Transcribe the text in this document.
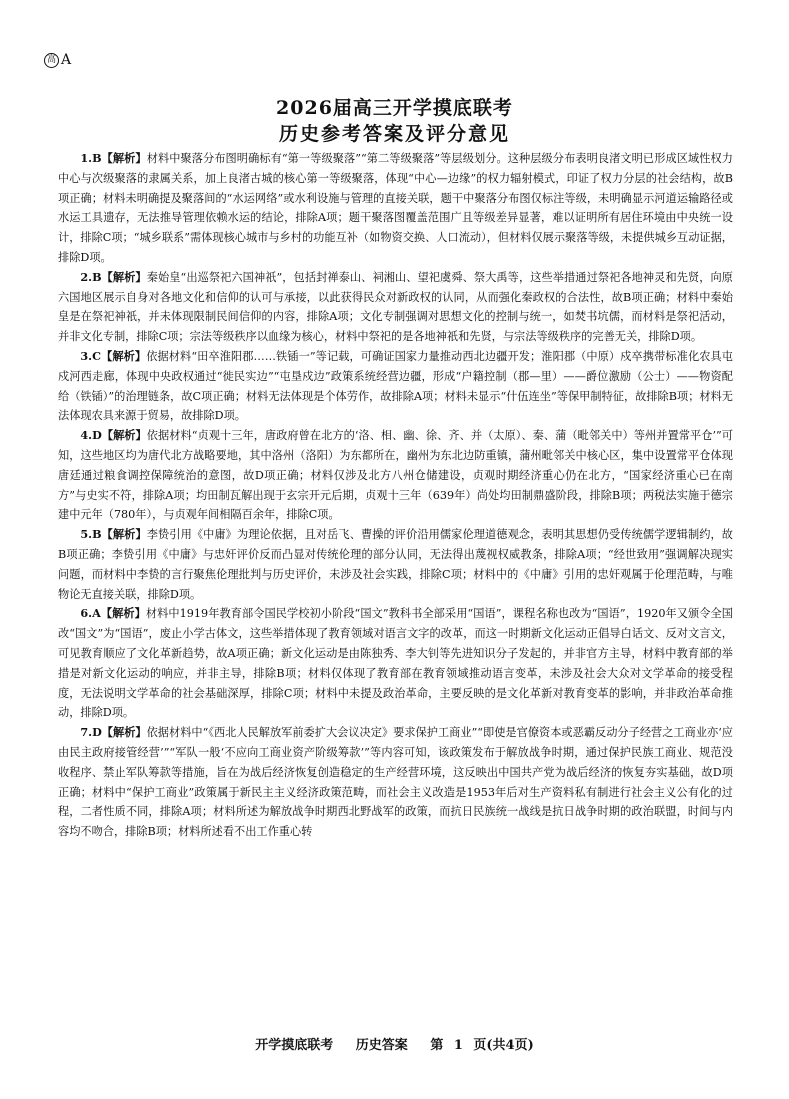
高 A
2026届高三开学摸底联考
历史参考答案及评分意见

1.B【解析】材料中聚落分布图明确标有“第一等级聚落”“第二等级聚落”等层级划分。这种层级分布表明良渚文明已形成区域性权力中心与次级聚落的隶属关系，加上良渚古城的核心第一等级聚落，体现“中心—边缘”的权力辐射模式，印证了权力分层的社会结构，故B项正确；材料未明确提及聚落间的“水运网络”或水利设施与管理的直接关联，题干中聚落分布图仅标注等级，未明确显示河道运输路径或水运工具遗存，无法推导管理依赖水运的结论，排除A项；题干聚落图覆盖范围广且等级差异显著，难以证明所有居住环境由中央统一设计，排除C项；“城乡联系”需体现核心城市与乡村的功能互补（如物资交换、人口流动），但材料仅展示聚落等级，未提供城乡互动证据，排除D项。

2.B【解析】秦始皇“出巡祭祀六国神祇”，包括封禅泰山、祠湘山、望祀虞舜、祭大禹等，这些举措通过祭祀各地神灵和先贤，向原六国地区展示自身对各地文化和信仰的认可与承接，以此获得民众对新政权的认同，从而强化秦政权的合法性，故B项正确；材料中秦始皇是在祭祀神祇，并未体现限制民间信仰的内容，排除A项；文化专制强调对思想文化的控制与统一，如焚书坑儒，而材料是祭祀活动，并非文化专制，排除C项；宗法等级秩序以血缘为核心，材料中祭祀的是各地神祇和先贤，与宗法等级秩序的完善无关，排除D项。

3.C【解析】依据材料“田卒淮阳郡……铁锸一”等记载，可确证国家力量推动西北边疆开发；淮阳郡（中原）戍卒携带标准化农具屯戍河西走廊，体现中央政权通过“徙民实边”“屯垦戍边”政策系统经营边疆，形成“户籍控制（郡—里）——爵位激励（公士）——物资配给（铁锸）”的治理链条，故C项正确；材料无法体现是个体劳作，故排除A项；材料未显示“什伍连坐”等保甲制特征，故排除B项；材料无法体现农具来源于贸易，故排除D项。

4.D【解析】依据材料“贞观十三年，唐政府曾在北方的‘洛、相、幽、徐、齐、并（太原）、秦、蒲（毗邻关中）等州并置常平仓’”可知，这些地区均为唐代北方战略要地，其中洛州（洛阳）为东都所在，幽州为东北边防重镇，蒲州毗邻关中核心区，集中设置常平仓体现唐廷通过粮食调控保障统治的意图，故D项正确；材料仅涉及北方八州仓储建设，贞观时期经济重心仍在北方，“国家经济重心已在南方”与史实不符，排除A项；均田制瓦解出现于玄宗开元后期，贞观十三年（639年）尚处均田制鼎盛阶段，排除B项；两税法实施于德宗建中元年（780年），与贞观年间相隔百余年，排除C项。

5.B【解析】李贽引用《中庸》为理论依据，且对岳飞、曹操的评价沿用儒家伦理道德观念，表明其思想仍受传统儒学逻辑制约，故B项正确；李贽引用《中庸》与忠奸评价反而凸显对传统伦理的部分认同，无法得出蔑视权威教条，排除A项；“经世致用”强调解决现实问题，而材料中李贽的言行聚焦伦理批判与历史评价，未涉及社会实践，排除C项；材料中的《中庸》引用的忠奸观属于伦理范畴，与唯物论无直接关联，排除D项。

6.A【解析】材料中1919年教育部令国民学校初小阶段“国文”教科书全部采用“国语”，课程名称也改为“国语”，1920年又颁令全国改“国文”为“国语”，废止小学古体文，这些举措体现了教育领域对语言文字的改革，而这一时期新文化运动正倡导白话文、反对文言文，可见教育顺应了文化革新趋势，故A项正确；新文化运动是由陈独秀、李大钊等先进知识分子发起的，并非官方主导，材料中教育部的举措是对新文化运动的响应，并非主导，排除B项；材料仅体现了教育部在教育领域推动语言变革，未涉及社会大众对文学革命的接受程度，无法说明文学革命的社会基础深厚，排除C项；材料中未提及政治革命，主要反映的是文化革新对教育变革的影响，并非政治革命推动，排除D项。

7.D【解析】依据材料中“《西北人民解放军前委扩大会议决定》要求保护工商业”“即使是官僚资本或恶霸反动分子经营之工商业亦‘应由民主政府接管经营’”“军队一般‘不应向工商业资产阶级筹款’”等内容可知，该政策发布于解放战争时期，通过保护民族工商业、规范没收程序、禁止军队筹款等措施，旨在为战后经济恢复创造稳定的生产经营环境，这反映出中国共产党为战后经济的恢复夯实基础，故D项正确；材料中“保护工商业”政策属于新民主主义经济政策范畴，而社会主义改造是1953年后对生产资料私有制进行社会主义公有化的过程，二者性质不同，排除A项；材料所述为解放战争时期西北野战军的政策，而抗日民族统一战线是抗日战争时期的政治联盟，时间与内容均不吻合，排除B项；材料所述看不出工作重心转

开学摸底联考 历史答案 第 1 页(共4页)
